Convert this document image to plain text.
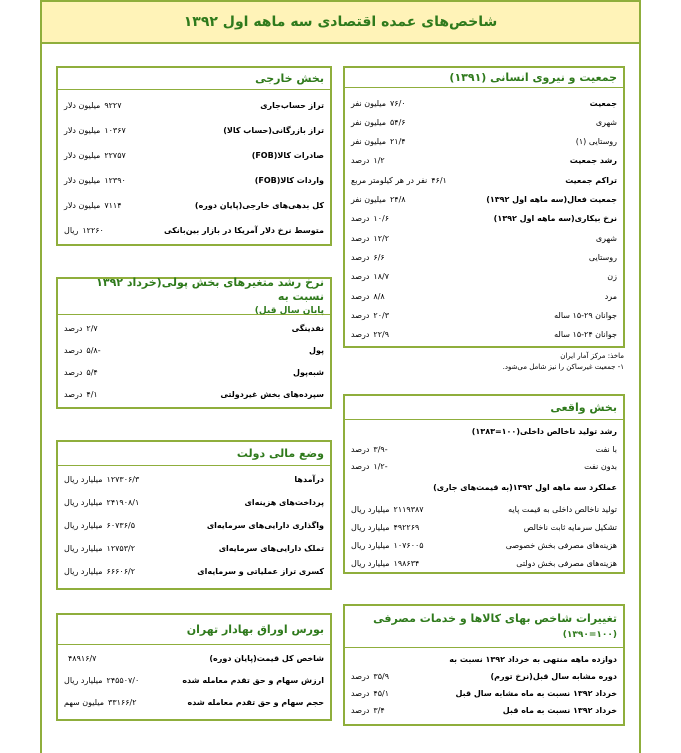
شاخص‌های عمده اقتصادی سه ماهه اول ۱۳۹۲
جمعیت و نیروی انسانی (۱۳۹۱)
جمعیت
۷۶/۰
میلیون نفر
شهری
۵۴/۶
میلیون نفر
روستایی (۱)
۲۱/۴
میلیون نفر
رشد جمعیت
۱/۲
درصد
تراکم جمعیت
۴۶/۱
نفر در هر کیلومتر مربع
جمعیت فعال(سه ماهه اول ۱۳۹۲)
۲۴/۸
میلیون نفر
نرخ بیکاری(سه ماهه اول ۱۳۹۲)
۱۰/۶
درصد
شهری
۱۲/۲
درصد
روستایی
۶/۶
درصد
زن
۱۸/۷
درصد
مرد
۸/۸
درصد
جوانان ۲۹-۱۵ ساله
۲۰/۳
درصد
جوانان ۲۴-۱۵ ساله
۲۲/۹
درصد
ماخذ: مرکز آمار ایران
۱- جمعیت غیرساکن را نیز شامل می‌شود.
بخش خارجی
تراز حساب‌جاری
۹۲۲۷
میلیون دلار
تراز بازرگانی(حساب کالا)
۱۰۳۶۷
میلیون دلار
صادرات کالا(FOB)
۲۲۷۵۷
میلیون دلار
واردات کالا(FOB)
۱۲۳۹۰
میلیون دلار
کل بدهی‌های خارجی(پایان دوره)
۷۱۱۴
میلیون دلار
متوسط نرخ دلار آمریکا در بازار بین‌بانکی
۱۲۲۶۰
ریال
نرخ رشد متغیرهای بخش پولی(خرداد ۱۳۹۲ نسبت به
پایان سال قبل)
نقدینگی
۲/۷
درصد
پول
-۵/۸
درصد
شبه‌پول
۵/۴
درصد
سپرده‌های بخش غیردولتی
۴/۱
درصد
وضع مالی دولت
درآمدها
۱۲۷۳۰۶/۳
میلیارد ریال
پرداخت‌های هزینه‌ای
۲۴۱۹۰۸/۱
میلیارد ریال
واگذاری دارایی‌های سرمایه‌ای
۶۰۷۳۶/۵
میلیارد ریال
تملک دارایی‌های سرمایه‌ای
۱۲۷۵۳/۲
میلیارد ریال
کسری تراز عملیاتی و سرمایه‌ای
۶۶۶۰۶/۲
میلیارد ریال
بخش واقعی
رشد تولید ناخالص داخلی(۱۰۰=۱۳۸۳)
با نفت
-۳/۹
درصد
بدون نفت
-۱/۲
درصد
عملکرد سه ماهه اول ۱۳۹۲(به قیمت‌های جاری)
تولید ناخالص داخلی به قیمت پایه
۲۱۱۹۳۸۷
میلیارد ریال
تشکیل سرمایه ثابت ناخالص
۴۹۲۲۶۹
میلیارد ریال
هزینه‌های مصرفی بخش خصوصی
۱۰۷۶۰۰۵
میلیارد ریال
هزینه‌های مصرفی بخش دولتی
۱۹۸۶۳۴
میلیارد ریال
بورس اوراق بهادار تهران
شاخص کل قیمت(پایان دوره)
۴۸۹۱۶/۷
ارزش سهام و حق تقدم معامله شده
۲۴۵۵۰۷/۰
میلیارد ریال
حجم سهام و حق تقدم معامله شده
۳۳۱۶۶/۲
میلیون سهم
تغییرات شاخص بهای کالاها و خدمات مصرفی
(۱۰۰=۱۳۹۰)
دوازده ماهه منتهی به خرداد ۱۳۹۲ نسبت به
دوره مشابه سال قبل(نرخ تورم)
۳۵/۹
درصد
خرداد ۱۳۹۲ نسبت به ماه مشابه سال قبل
۴۵/۱
درصد
خرداد ۱۳۹۲ نسبت به ماه قبل
۳/۴
درصد
